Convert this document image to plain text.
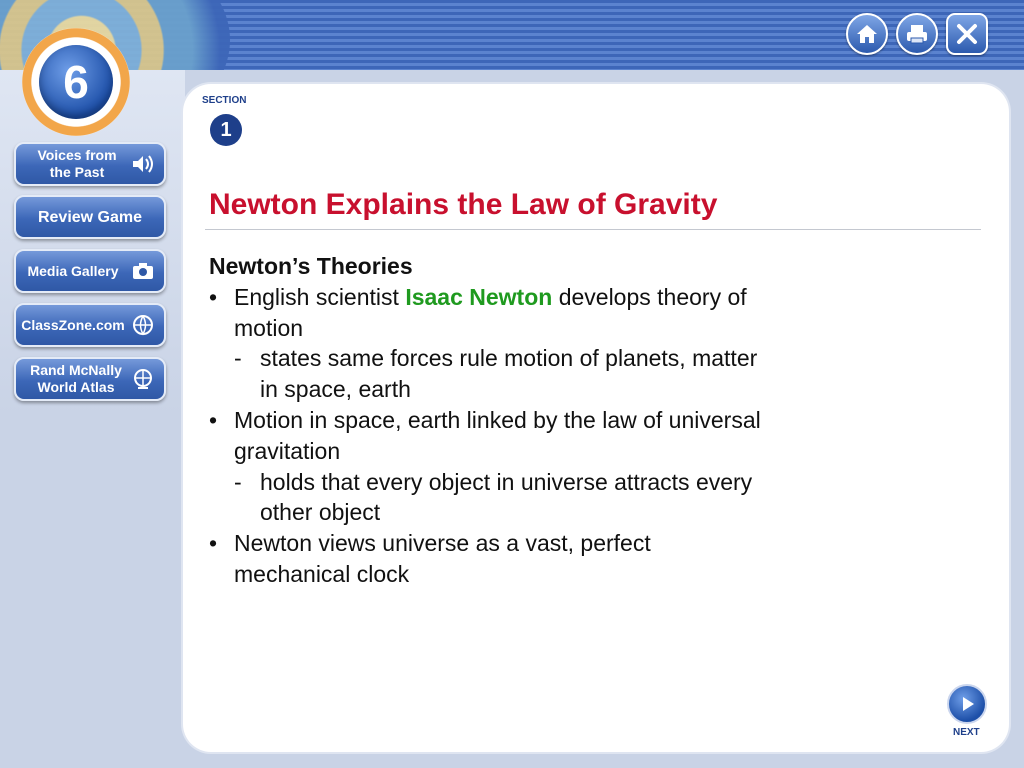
6
Voices from the Past
Review Game
Media Gallery
ClassZone.com
Rand McNally World Atlas
SECTION
1
Newton Explains the Law of Gravity
Newton’s Theories
• English scientist Isaac Newton develops theory of motion
- states same forces rule motion of planets, matter in space, earth
• Motion in space, earth linked by the law of universal gravitation
- holds that every object in universe attracts every other object
• Newton views universe as a vast, perfect mechanical clock
NEXT
